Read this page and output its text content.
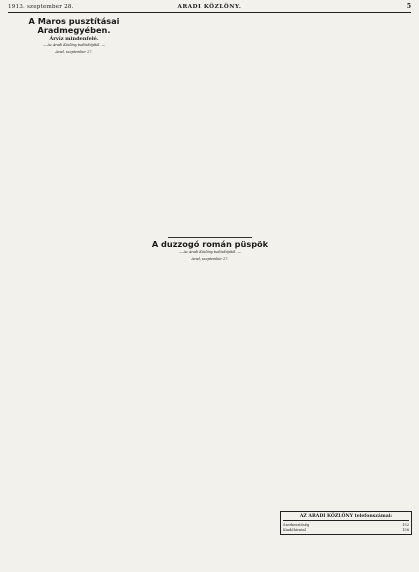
1913. szeptember 28.	ARADI KÖZLÖNY.	5
A Maros pusztításai Aradmegyében.
Árvíz mindenfelé.
— Az Aradi Közlöny tudósítójától. —
Arad, szeptember 27.
A duzzogó román püspök
— Az Aradi Közlöny tudósítójától. —
Arad, szeptember 27.
AZ ARADI KÖZLÖNY telefonszámai:
Szerkesztőség	152
Kiadóhivatal	158
